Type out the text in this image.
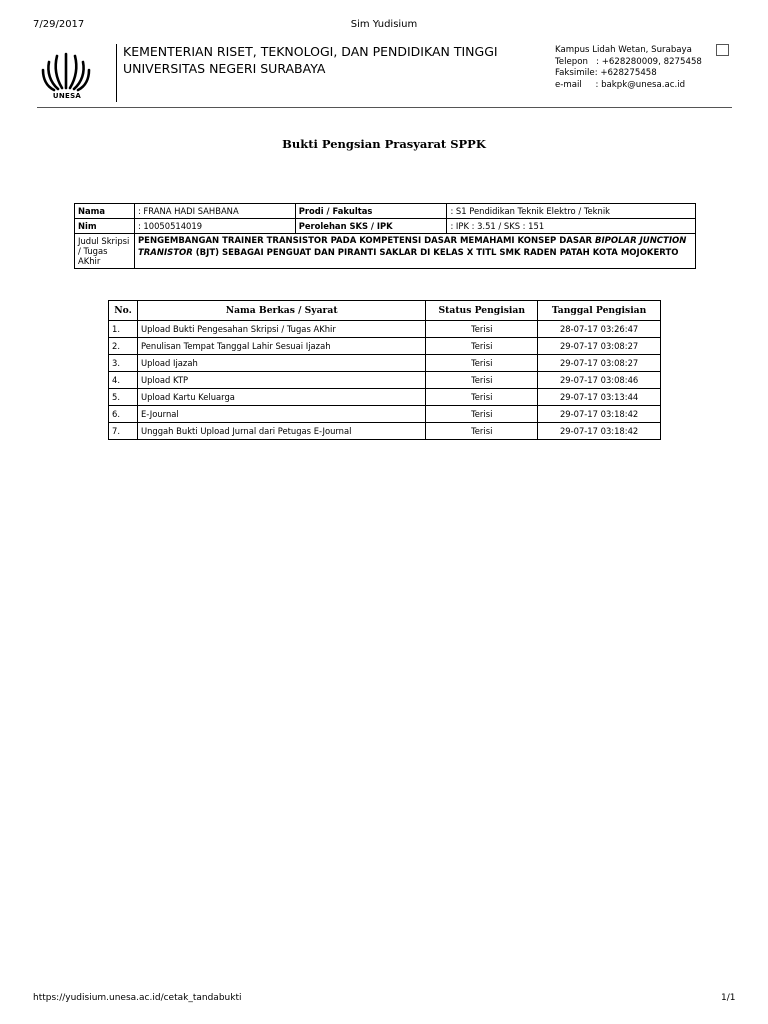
7/29/2017	Sim Yudisium
UNESA
KEMENTERIAN RISET, TEKNOLOGI, DAN PENDIDIKAN TINGGI
UNIVERSITAS NEGERI SURABAYA
Kampus Lidah Wetan, Surabaya
Telepon   : +628280009, 8275458
Faksimile: +628275458
e-mail     : bakpk@unesa.ac.id
Bukti Pengsian Prasyarat SPPK
Nama	: FRANA HADI SAHBANA	Prodi / Fakultas	: S1 Pendidikan Teknik Elektro / Teknik
Nim	: 10050514019	Perolehan SKS / IPK	: IPK : 3.51 / SKS : 151
Judul Skripsi / Tugas AKhir	PENGEMBANGAN TRAINER TRANSISTOR PADA KOMPETENSI DASAR MEMAHAMI KONSEP DASAR BIPOLAR JUNCTION TRANISTOR (BJT) SEBAGAI PENGUAT DAN PIRANTI SAKLAR DI KELAS X TITL SMK RADEN PATAH KOTA MOJOKERTO		
No.	Nama Berkas / Syarat	Status Pengisian	Tanggal Pengisian
1.	Upload Bukti Pengesahan Skripsi / Tugas AKhir	Terisi	28-07-17 03:26:47
2.	Penulisan Tempat Tanggal Lahir Sesuai Ijazah	Terisi	29-07-17 03:08:27
3.	Upload Ijazah	Terisi	29-07-17 03:08:27
4.	Upload KTP	Terisi	29-07-17 03:08:46
5.	Upload Kartu Keluarga	Terisi	29-07-17 03:13:44
6.	E-Journal	Terisi	29-07-17 03:18:42
7.	Unggah Bukti Upload Jurnal dari Petugas E-Journal	Terisi	29-07-17 03:18:42
https://yudisium.unesa.ac.id/cetak_tandabukti	1/1
